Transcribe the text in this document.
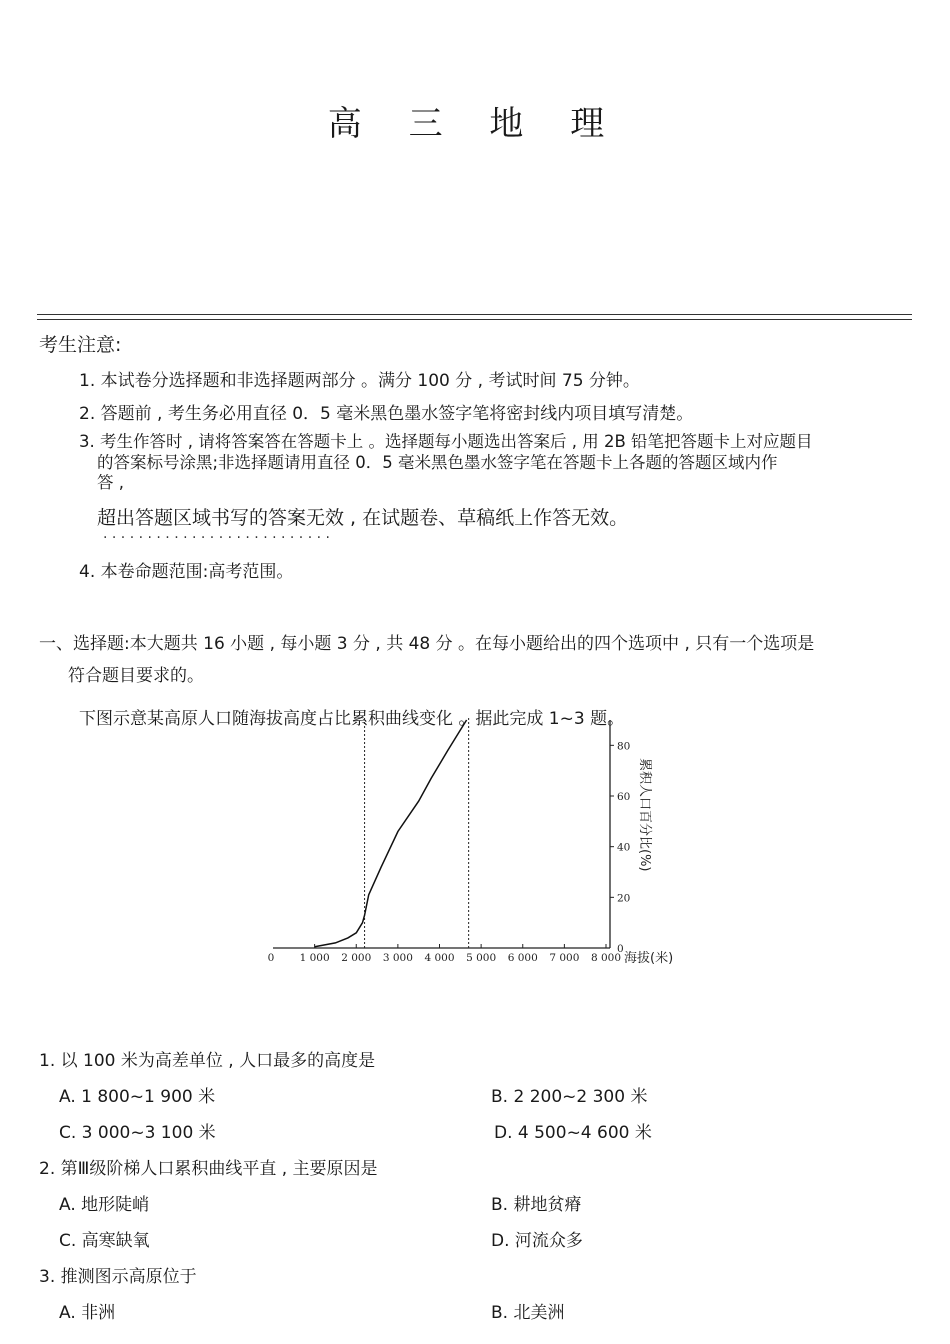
高 三 地 理
考生注意:
1. 本试卷分选择题和非选择题两部分 。满分 100 分 , 考试时间 75 分钟。
2. 答题前 , 考生务必用直径 0．5 毫米黑色墨水签字笔将密封线内项目填写清楚。
3. 考生作答时 , 请将答案答在答题卡上 。选择题每小题选出答案后 , 用 2B 铅笔把答题卡上对应题目
的答案标号涂黑;非选择题请用直径 0．5 毫米黑色墨水签字笔在答题卡上各题的答题区域内作
答 ,
超出答题区域书写的答案无效 , 在试题卷、草稿纸上作答无效。
· · · · · · · · · · · · · · · · · · · · · · · · · ·
4. 本卷命题范围:高考范围。
一、选择题:本大题共 16 小题 , 每小题 3 分 , 共 48 分 。在每小题给出的四个选项中 , 只有一个选项是
符合题目要求的。
下图示意某高原人口随海拔高度占比累积曲线变化 。据此完成 1~3 题。
0 1 000 2 000 3 000 4 000 5 000 6 000 7 000 8 000
0
20
40
60
80
海拔(米)
累积人口百分比(%)
1. 以 100 米为高差单位 , 人口最多的高度是
A. 1 800~1 900 米	B. 2 200~2 300 米
C. 3 000~3 100 米	D. 4 500~4 600 米
2. 第Ⅲ级阶梯人口累积曲线平直 , 主要原因是
A. 地形陡峭	B. 耕地贫瘠
C. 高寒缺氧	D. 河流众多
3. 推测图示高原位于
A. 非洲	B. 北美洲
